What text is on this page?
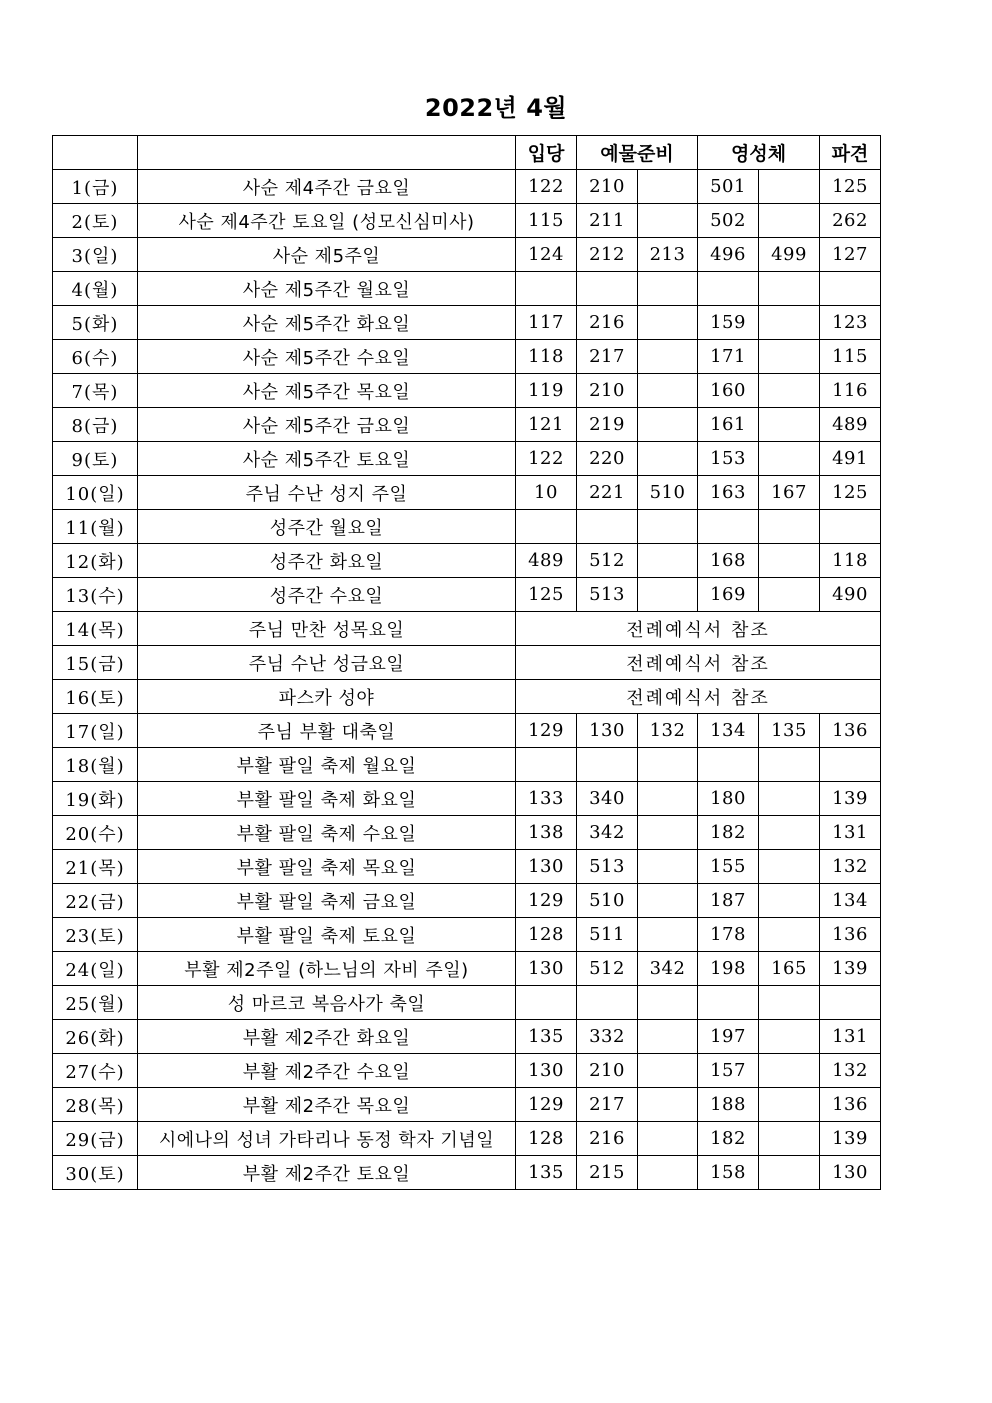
2022년 4월
		입당	예물준비		영성체		파견
1(금)	사순 제4주간 금요일	122	210		501		125
2(토)	사순 제4주간 토요일 (성모신심미사)	115	211		502		262
3(일)	사순 제5주일	124	212	213	496	499	127
4(월)	사순 제5주간 월요일						
5(화)	사순 제5주간 화요일	117	216		159		123
6(수)	사순 제5주간 수요일	118	217		171		115
7(목)	사순 제5주간 목요일	119	210		160		116
8(금)	사순 제5주간 금요일	121	219		161		489
9(토)	사순 제5주간 토요일	122	220		153		491
10(일)	주님 수난 성지 주일	10	221	510	163	167	125
11(월)	성주간 월요일						
12(화)	성주간 화요일	489	512		168		118
13(수)	성주간 수요일	125	513		169		490
14(목)	주님 만찬 성목요일	전례예식서 참조					
15(금)	주님 수난 성금요일	전례예식서 참조					
16(토)	파스카 성야	전례예식서 참조					
17(일)	주님 부활 대축일	129	130	132	134	135	136
18(월)	부활 팔일 축제 월요일						
19(화)	부활 팔일 축제 화요일	133	340		180		139
20(수)	부활 팔일 축제 수요일	138	342		182		131
21(목)	부활 팔일 축제 목요일	130	513		155		132
22(금)	부활 팔일 축제 금요일	129	510		187		134
23(토)	부활 팔일 축제 토요일	128	511		178		136
24(일)	부활 제2주일 (하느님의 자비 주일)	130	512	342	198	165	139
25(월)	성 마르코 복음사가 축일						
26(화)	부활 제2주간 화요일	135	332		197		131
27(수)	부활 제2주간 수요일	130	210		157		132
28(목)	부활 제2주간 목요일	129	217		188		136
29(금)	시에나의 성녀 가타리나 동정 학자 기념일	128	216		182		139
30(토)	부활 제2주간 토요일	135	215		158		130
